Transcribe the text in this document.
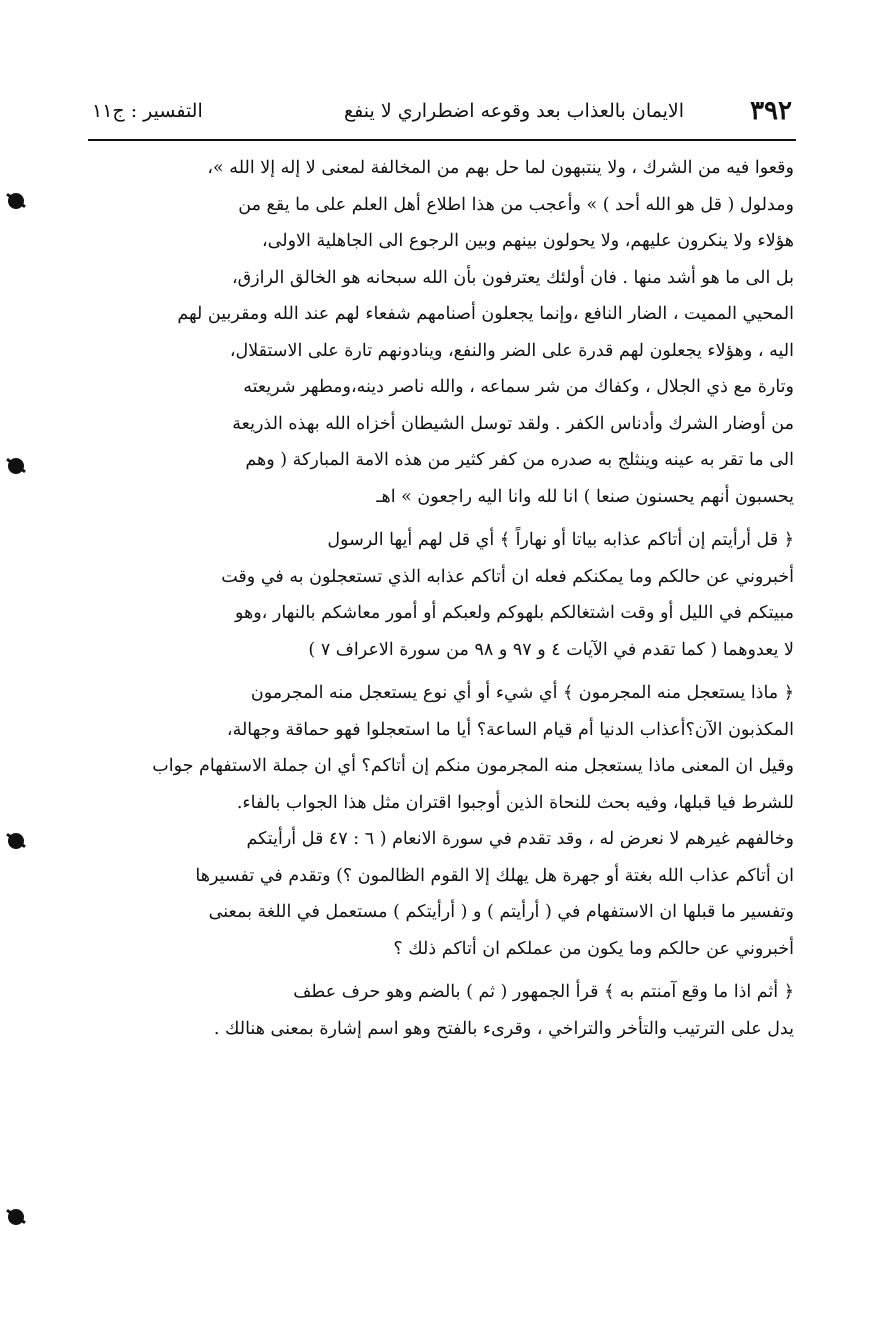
٣٩٢
الايمان بالعذاب بعد وقوعه اضطراري لا ينفع
التفسير : ج١١
وقعوا فيه من الشرك ، ولا ينتبهون لما حل بهم من المخالفة لمعنى لا إله إلا الله »،
ومدلول ( قل هو الله أحد ) » وأعجب من هذا اطلاع أهل العلم على ما يقع من
هؤلاء ولا ينكرون عليهم، ولا يحولون بينهم وبين الرجوع الى الجاهلية الاولى،
بل الى ما هو أشد منها . فان أولئك يعترفون بأن الله سبحانه هو الخالق الرازق،
المحيي المميت ، الضار النافع ،وإنما يجعلون أصنامهم شفعاء لهم عند الله ومقربين لهم
اليه ، وهؤلاء يجعلون لهم قدرة على الضر والنفع، وينادونهم تارة على الاستقلال،
وتارة مع ذي الجلال ، وكفاك من شر سماعه ، والله ناصر دينه،ومطهر شريعته
من أوضار الشرك وأدناس الكفر . ولقد توسل الشيطان أخزاه الله بهذه الذريعة
الى ما تقر به عينه وينثلج به صدره من كفر كثير من هذه الامة المباركة ( وهم
يحسبون أنهم يحسنون صنعا ) انا لله وانا اليه راجعون » اهـ
﴿ قل أرأيتم إن أتاكم عذابه بياتا أو نهاراً ﴾ أي قل لهم أيها الرسول
أخبروني عن حالكم وما يمكنكم فعله ان أتاكم عذابه الذي تستعجلون به في وقت
مبيتكم في الليل أو وقت اشتغالكم بلهوكم ولعبكم أو أمور معاشكم بالنهار ،وهو
لا يعدوهما ( كما تقدم في الآيات ٤ و ٩٧ و ٩٨ من سورة الاعراف ٧ )
﴿ ماذا يستعجل منه المجرمون ﴾ أي شيء أو أي نوع يستعجل منه المجرمون
المكذبون الآن؟أعذاب الدنيا أم قيام الساعة؟ أيا ما استعجلوا فهو حماقة وجهالة،
وقيل ان المعنى ماذا يستعجل منه المجرمون منكم إن أتاكم؟ أي ان جملة الاستفهام جواب
للشرط فيا قبلها، وفيه بحث للنحاة الذين أوجبوا اقتران مثل هذا الجواب بالفاء.
وخالفهم غيرهم لا نعرض له ، وقد تقدم في سورة الانعام ( ٦ : ٤٧ قل أرأيتكم
ان أتاكم عذاب الله بغتة أو جهرة هل يهلك إلا القوم الظالمون ؟) وتقدم في تفسيرها
وتفسير ما قبلها ان الاستفهام في ( أرأيتم ) و ( أرأيتكم ) مستعمل في اللغة بمعنى
أخبروني عن حالكم وما يكون من عملكم ان أتاكم ذلك ؟
﴿ أثم اذا ما وقع آمنتم به ﴾ قرأ الجمهور ( ثم ) بالضم وهو حرف عطف
يدل على الترتيب والتأخر والتراخي ، وقرىء بالفتح وهو اسم إشارة بمعنى هنالك .
